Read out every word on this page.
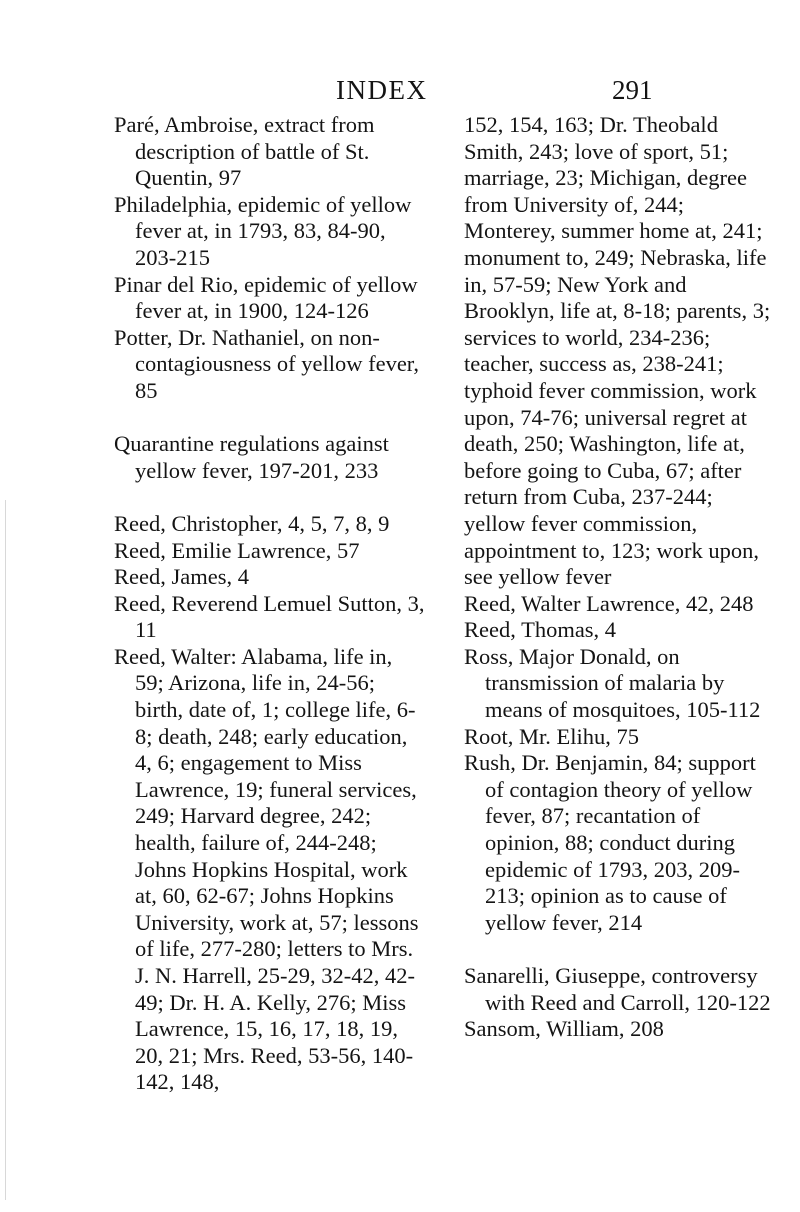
INDEX	291

Paré, Ambroise, extract from description of battle of St. Quentin, 97

Philadelphia, epidemic of yellow fever at, in 1793, 83, 84-90, 203-215

Pinar del Rio, epidemic of yellow fever at, in 1900, 124-126

Potter, Dr. Nathaniel, on non-contagiousness of yellow fever, 85

Quarantine regulations against yellow fever, 197-201, 233

Reed, Christopher, 4, 5, 7, 8, 9

Reed, Emilie Lawrence, 57

Reed, James, 4

Reed, Reverend Lemuel Sutton, 3, 11

Reed, Walter: Alabama, life in, 59; Arizona, life in, 24-56; birth, date of, 1; college life, 6-8; death, 248; early education, 4, 6; engagement to Miss Lawrence, 19; funeral services, 249; Harvard degree, 242; health, failure of, 244-248; Johns Hopkins Hospital, work at, 60, 62-67; Johns Hopkins University, work at, 57; lessons of life, 277-280; letters to Mrs. J. N. Harrell, 25-29, 32-42, 42-49; Dr. H. A. Kelly, 276; Miss Lawrence, 15, 16, 17, 18, 19, 20, 21; Mrs. Reed, 53-56, 140-142, 148,

152, 154, 163; Dr. Theobald Smith, 243; love of sport, 51; marriage, 23; Michigan, degree from University of, 244; Monterey, summer home at, 241; monument to, 249; Nebraska, life in, 57-59; New York and Brooklyn, life at, 8-18; parents, 3; services to world, 234-236; teacher, success as, 238-241; typhoid fever commission, work upon, 74-76; universal regret at death, 250; Washington, life at, before going to Cuba, 67; after return from Cuba, 237-244; yellow fever commission, appointment to, 123; work upon, see yellow fever

Reed, Walter Lawrence, 42, 248

Reed, Thomas, 4

Ross, Major Donald, on transmission of malaria by means of mosquitoes, 105-112

Root, Mr. Elihu, 75

Rush, Dr. Benjamin, 84; support of contagion theory of yellow fever, 87; recantation of opinion, 88; conduct during epidemic of 1793, 203, 209-213; opinion as to cause of yellow fever, 214

Sanarelli, Giuseppe, controversy with Reed and Carroll, 120-122

Sansom, William, 208
